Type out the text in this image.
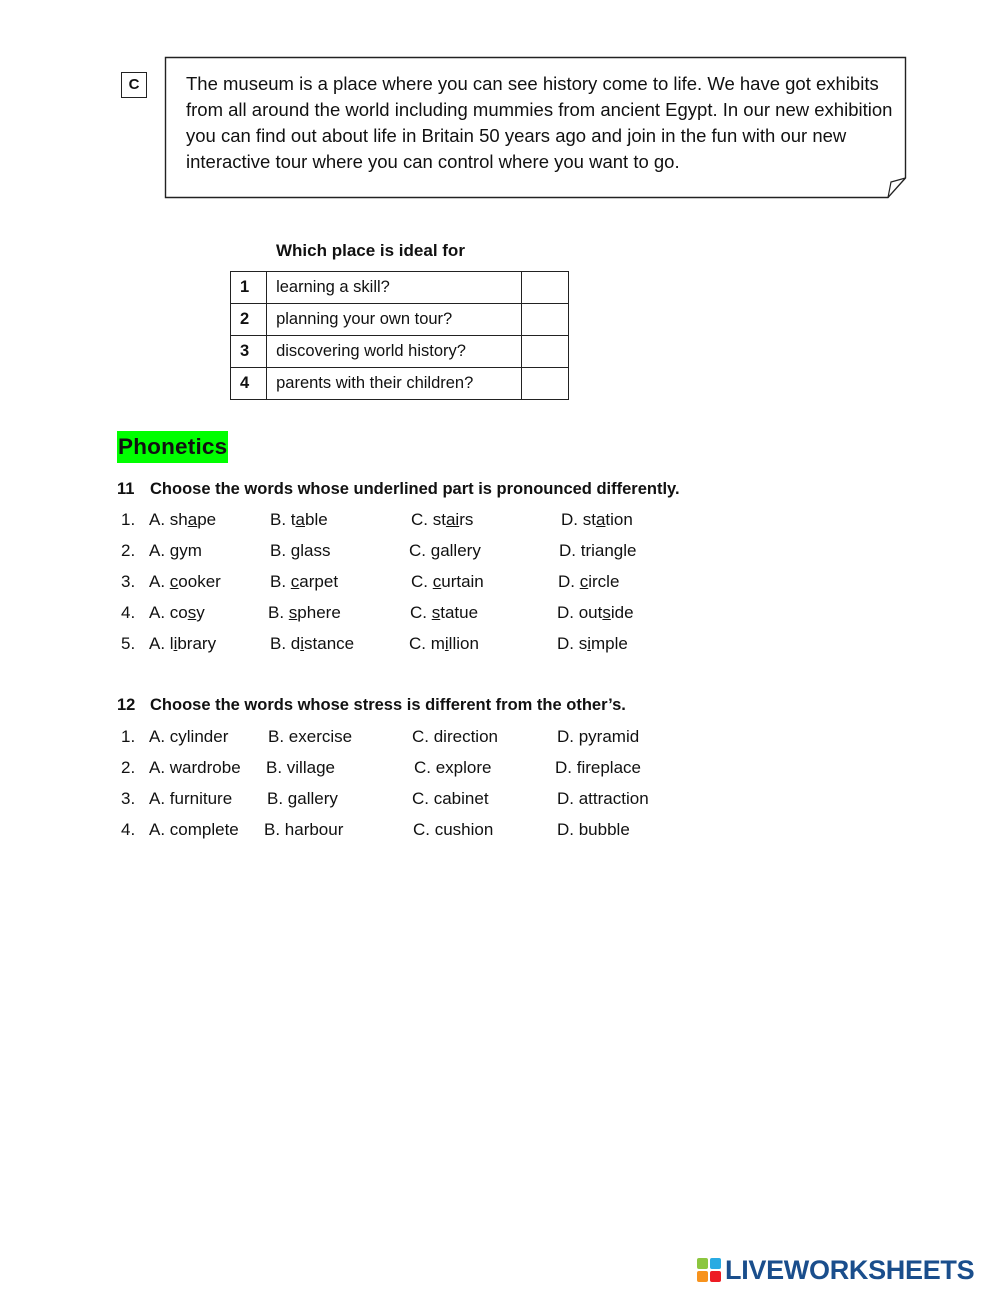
C	The museum is a place where you can see history come to life. We have got exhibits from all around the world including mummies from ancient Egypt. In our new exhibition you can find out about life in Britain 50 years ago and join in the fun with our new interactive tour where you can control where you want to go.

Which place is ideal for
1	learning a skill?	
2	planning your own tour?	
3	discovering world history?	
4	parents with their children?	
Phonetics
11 Choose the words whose underlined part is pronounced differently.
1. A. shape	B. table	C. stairs	D. station
2. A. gym	B. glass	C. gallery	D. triangle
3. A. cooker	B. carpet	C. curtain	D. circle
4. A. cosy	B. sphere	C. statue	D. outside
5. A. library	B. distance	C. million	D. simple
12 Choose the words whose stress is different from the other’s.
1. A. cylinder B. exercise	C. direction	D. pyramid
2. A. wardrobe B. village	C. explore	D. fireplace
3. A. furniture B. gallery	C. cabinet	D. attraction
4. A. complete B. harbour	C. cushion	D. bubble
LIVEWORKSHEETS
